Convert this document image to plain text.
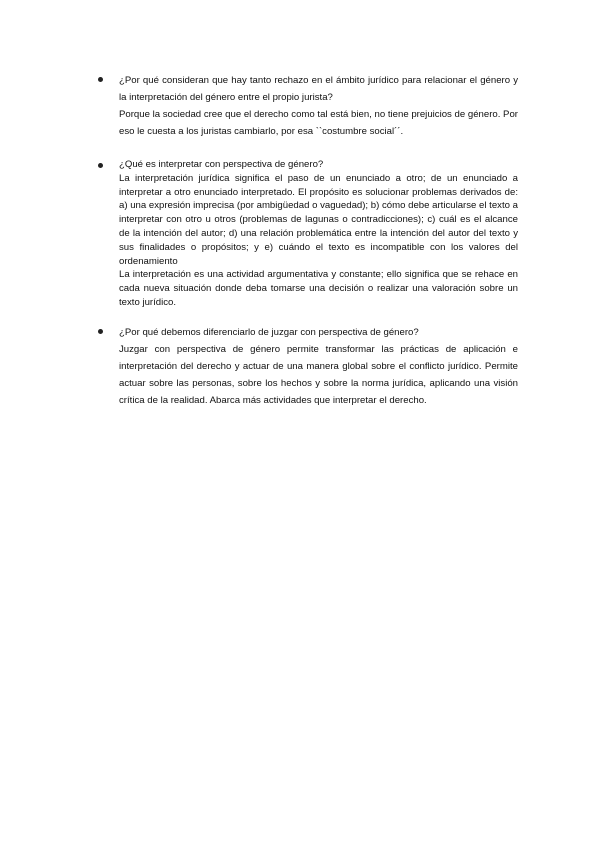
¿Por qué consideran que hay tanto rechazo en el ámbito jurídico para relacionar el género y la interpretación del género entre el propio jurista?

Porque la sociedad cree que el derecho como tal está bien, no tiene prejuicios de género. Por eso le cuesta a los juristas cambiarlo, por esa ``costumbre social´´.

¿Qué es interpretar con perspectiva de género?

La interpretación jurídica significa el paso de un enunciado a otro; de un enunciado a interpretar a otro enunciado interpretado. El propósito es solucionar problemas derivados de: a) una expresión imprecisa (por ambigüedad o vaguedad); b) cómo debe articularse el texto a interpretar con otro u otros (problemas de lagunas o contradicciones); c) cuál es el alcance de la intención del autor; d) una relación problemática entre la intención del autor del texto y sus finalidades o propósitos; y e) cuándo el texto es incompatible con los valores del ordenamiento

La interpretación es una actividad argumentativa y constante; ello significa que se rehace en cada nueva situación donde deba tomarse una decisión o realizar una valoración sobre un texto jurídico.

¿Por qué debemos diferenciarlo de juzgar con perspectiva de género?

Juzgar con perspectiva de género permite transformar las prácticas de aplicación e interpretación del derecho y actuar de una manera global sobre el conflicto jurídico. Permite actuar sobre las personas, sobre los hechos y sobre la norma jurídica, aplicando una visión crítica de la realidad. Abarca más actividades que interpretar el derecho.
